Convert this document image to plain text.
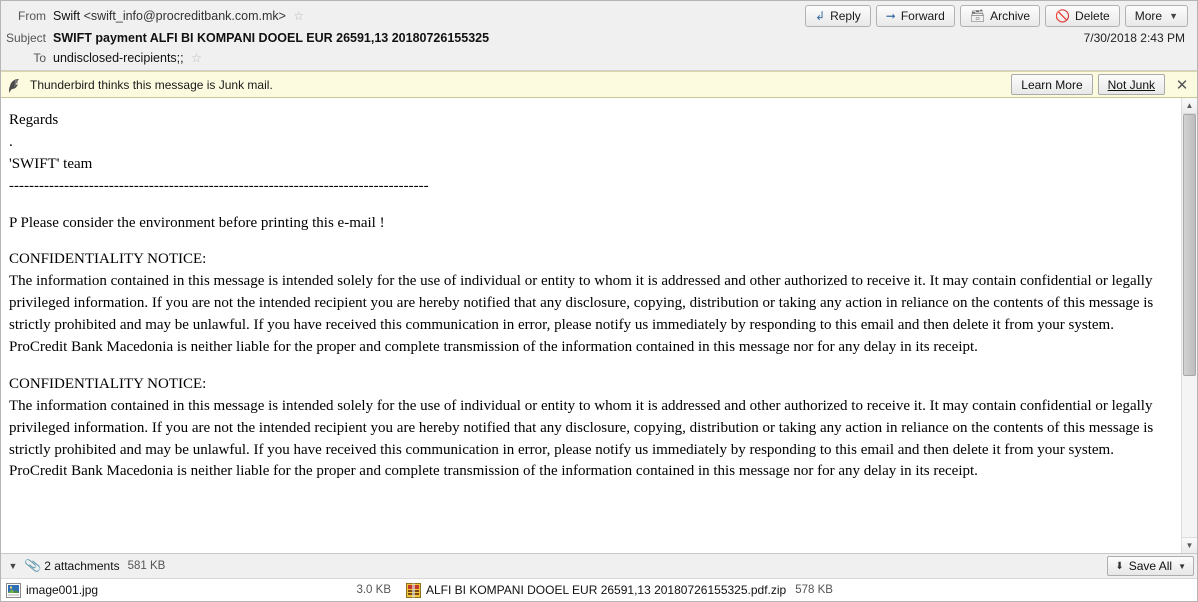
From Swift <swift_info@procreditbank.com.mk> ☆	↲ Reply ➞ Forward 🗃 Archive 🚫 Delete More ▼
Subject SWIFT payment ALFI BI KOMPANI DOOEL EUR 26591,13 20180726155325	7/30/2018 2:43 PM
To undisclosed-recipients;; ☆
Thunderbird thinks this message is Junk mail.	Learn More Not Junk	✕

Regards

.

'SWIFT' team

------------------------------------------------------------------------------------

P Please consider the environment before printing this e-mail !

CONFIDENTIALITY NOTICE:

The information contained in this message is intended solely for the use of individual or entity to whom it is addressed and other authorized to receive it. It may contain confidential or legally privileged information. If you are not the intended recipient you are hereby notified that any disclosure, copying, distribution or taking any action in reliance on the contents of this message is strictly prohibited and may be unlawful. If you have received this communication in error, please notify us immediately by responding to this email and then delete it from your system. ProCredit Bank Macedonia is neither liable for the proper and complete transmission of the information contained in this message nor for any delay in its receipt.

CONFIDENTIALITY NOTICE:

The information contained in this message is intended solely for the use of individual or entity to whom it is addressed and other authorized to receive it. It may contain confidential or legally privileged information. If you are not the intended recipient you are hereby notified that any disclosure, copying, distribution or taking any action in reliance on the contents of this message is strictly prohibited and may be unlawful. If you have received this communication in error, please notify us immediately by responding to this email and then delete it from your system. ProCredit Bank Macedonia is neither liable for the proper and complete transmission of the information contained in this message nor for any delay in its receipt.

▲
▼
▼ 📎 2 attachments 581 KB	⬇ Save All ▼
image001.jpg	3.0 KB	ALFI BI KOMPANI DOOEL EUR 26591,13 20180726155325.pdf.zip 578 KB
